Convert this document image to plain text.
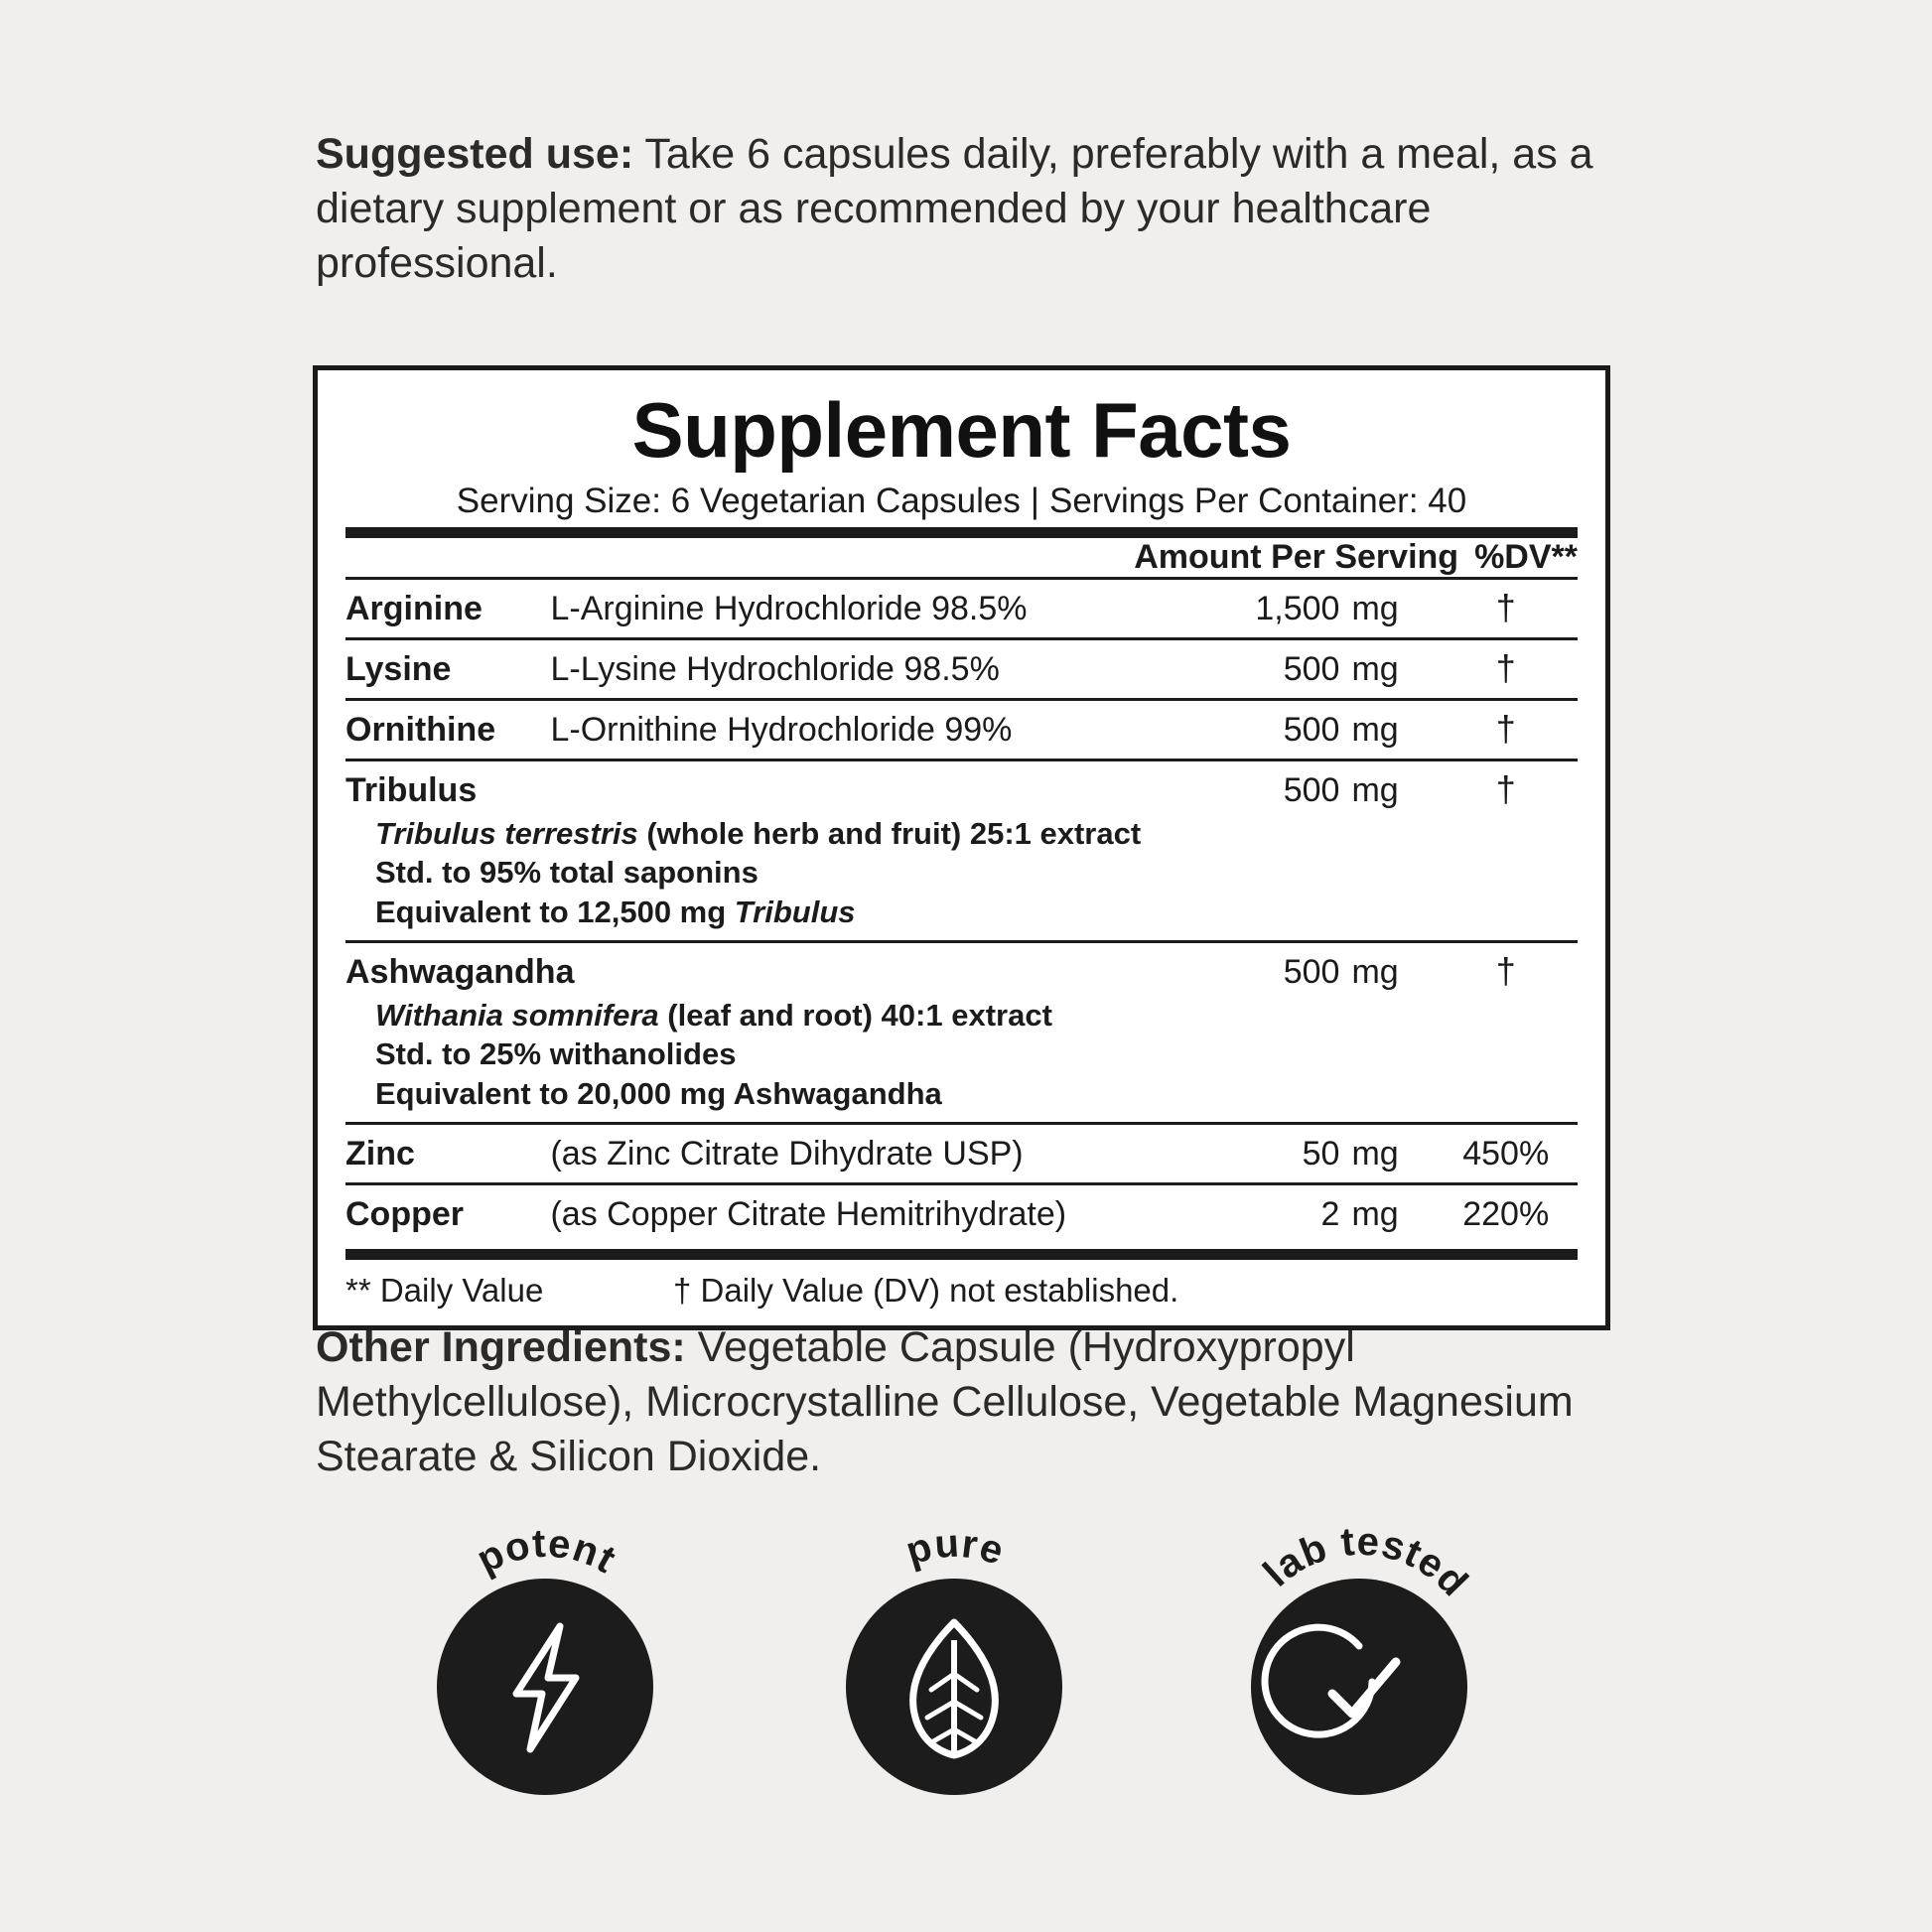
Suggested use: Take 6 capsules daily, preferably with a meal, as a dietary supplement or as recommended by your healthcare professional.
Supplement Facts
Serving Size: 6 Vegetarian Capsules | Servings Per Container: 40
		Amount Per Serving	%DV**
Arginine	L-Arginine Hydrochloride 98.5%	1,500	mg	†
Lysine	L-Lysine Hydrochloride 98.5%	500	mg	†
Ornithine	L-Ornithine Hydrochloride 99%	500	mg	†

Tribulus
Tribulus terrestris (whole herb and fruit) 25:1 extract
Std. to 95% total saponins
Equivalent to 12,500 mg Tribulus		500	mg	†

Ashwagandha
Withania somnifera (leaf and root) 40:1 extract
Std. to 25% withanolides
Equivalent to 20,000 mg Ashwagandha		500	mg	†
Zinc	(as Zinc Citrate Dihydrate USP)	50	mg	450%
Copper	(as Copper Citrate Hemitrihydrate)	2	mg	220%
** Daily Value	† Daily Value (DV) not established.
Other Ingredients: Vegetable Capsule (Hydroxypropyl Methylcellulose), Microcrystalline Cellulose, Vegetable Magnesium Stearate & Silicon Dioxide.
potent	pure
lab tested
